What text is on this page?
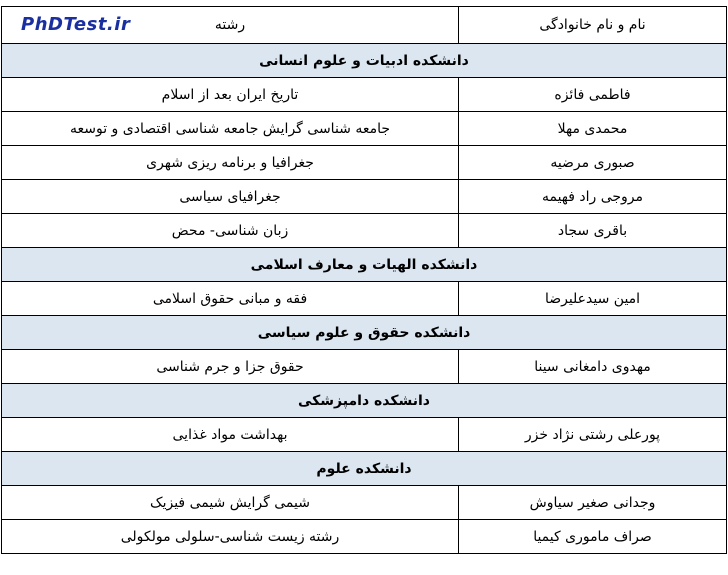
نام و نام خانوادگی	رشته
دانشکده ادبیات و علوم انسانی	
فاطمی فائزه	تاریخ ایران بعد از اسلام
محمدی مهلا	جامعه شناسی گرایش جامعه شناسی اقتصادی و توسعه
صبوری مرضیه	جغرافیا و برنامه ریزی شهری
مروجی راد فهیمه	جغرافیای سیاسی
باقری سجاد	زبان شناسی- محض
دانشکده الهیات و معارف اسلامی	
امین سیدعلیرضا	فقه و مبانی حقوق اسلامی
دانشکده حقوق و علوم سیاسی	
مهدوی دامغانی سینا	حقوق جزا و جرم شناسی
دانشکده دامپزشکی	
پورعلی رشتی نژاد خزر	بهداشت مواد غذایی
دانشکده علوم	
وجدانی صغیر سیاوش	شیمی گرایش شیمی فیزیک
صراف ماموری کیمیا	رشته زیست شناسی-سلولی مولکولی
PhDTest.ir
